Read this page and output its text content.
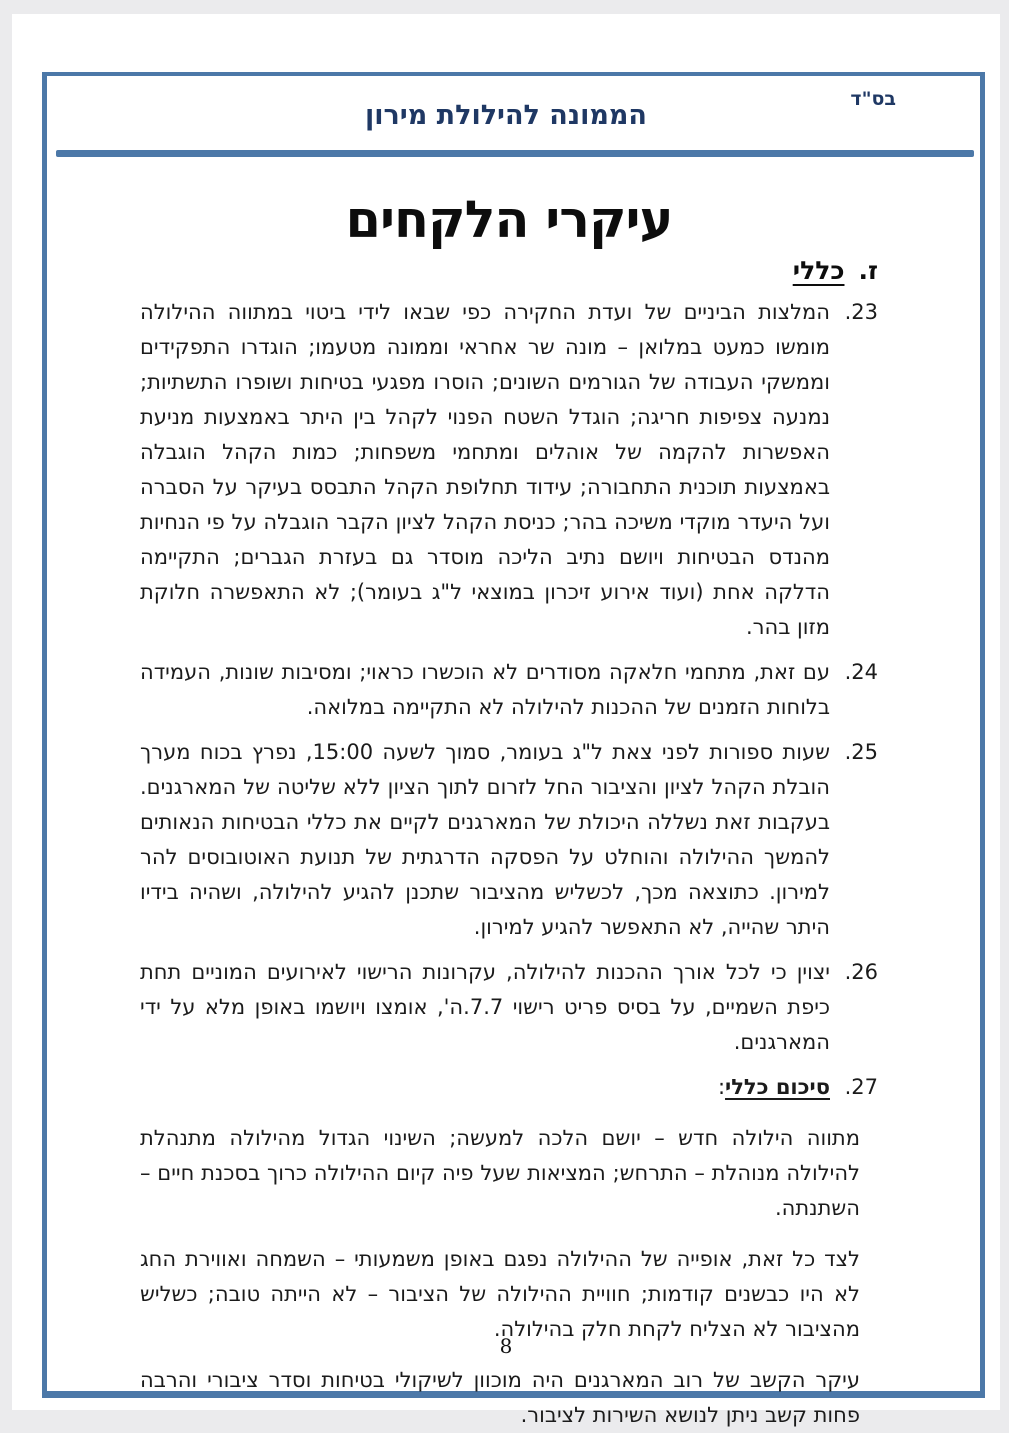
בס"ד
הממונה להילולת מירון
עיקרי הלקחים
ז.כללי
23.
המלצות הביניים של ועדת החקירה כפי שבאו לידי ביטוי במתווה ההילולה מומשו כמעט במלואן – מונה שר אחראי וממונה מטעמו; הוגדרו התפקידים וממשקי העבודה של הגורמים השונים; הוסרו מפגעי בטיחות ושופרו התשתיות; נמנעה צפיפות חריגה; הוגדל השטח הפנוי לקהל בין היתר באמצעות מניעת האפשרות להקמה של אוהלים ומתחמי משפחות; כמות הקהל הוגבלה באמצעות תוכנית התחבורה; עידוד תחלופת הקהל התבסס בעיקר על הסברה ועל היעדר מוקדי משיכה בהר; כניסת הקהל לציון הקבר הוגבלה על פי הנחיות מהנדס הבטיחות ויושם נתיב הליכה מוסדר גם בעזרת הגברים; התקיימה הדלקה אחת (ועוד אירוע זיכרון במוצאי ל"ג בעומר); לא התאפשרה חלוקת מזון בהר.
24.
עם זאת, מתחמי חלאקה מסודרים לא הוכשרו כראוי; ומסיבות שונות, העמידה בלוחות הזמנים של ההכנות להילולה לא התקיימה במלואה.
25.
שעות ספורות לפני צאת ל"ג בעומר, סמוך לשעה 15:00, נפרץ בכוח מערך הובלת הקהל לציון והציבור החל לזרום לתוך הציון ללא שליטה של המארגנים. בעקבות זאת נשללה היכולת של המארגנים לקיים את כללי הבטיחות הנאותים להמשך ההילולה והוחלט על הפסקה הדרגתית של תנועת האוטובוסים להר למירון. כתוצאה מכך, לכשליש מהציבור שתכנן להגיע להילולה, ושהיה בידיו היתר שהייה, לא התאפשר להגיע למירון.
26.
יצוין כי לכל אורך ההכנות להילולה, עקרונות הרישוי לאירועים המוניים תחת כיפת השמיים, על בסיס פריט רישוי 7.7.ה', אומצו ויושמו באופן מלא על ידי המארגנים.
27.
סיכום כללי:

מתווה הילולה חדש – יושם הלכה למעשה; השינוי הגדול מהילולה מתנהלת להילולה מנוהלת – התרחש; המציאות שעל פיה קיום ההילולה כרוך בסכנת חיים – השתנתה.

לצד כל זאת, אופייה של ההילולה נפגם באופן משמעותי – השמחה ואווירת החג לא היו כבשנים קודמות; חוויית ההילולה של הציבור – לא הייתה טובה; כשליש מהציבור לא הצליח לקחת חלק בהילולה.

עיקר הקשב של רוב המארגנים היה מוכוון לשיקולי בטיחות וסדר ציבורי והרבה פחות קשב ניתן לנושא השירות לציבור.

8
